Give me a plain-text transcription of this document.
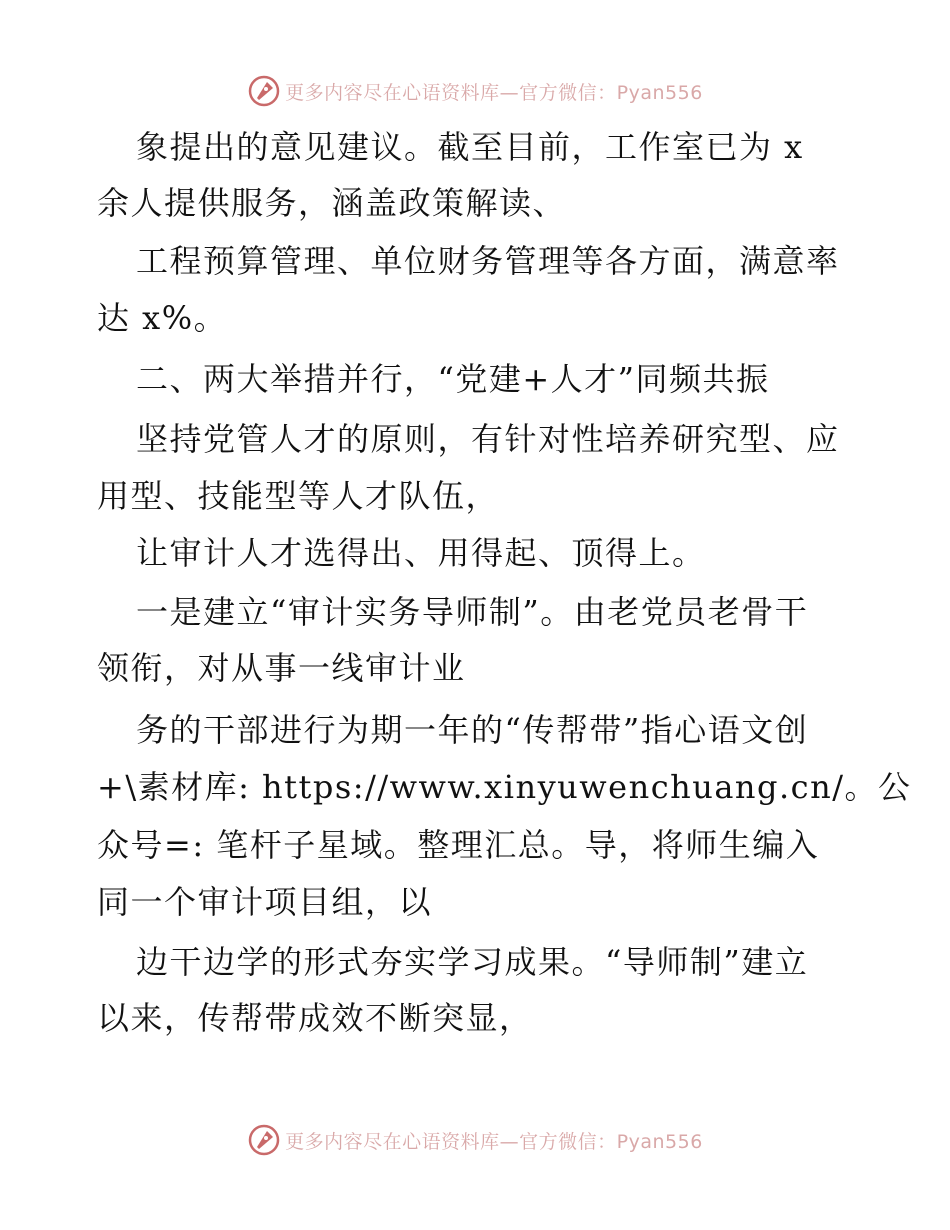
更多内容尽在心语资料库—官方微信：Pyan556
象提出的意见建议。截至目前，工作室已为 x
余人提供服务，涵盖政策解读、
工程预算管理、单位财务管理等各方面，满意率
达 x%。
二、两大举措并行，“党建+人才”同频共振
坚持党管人才的原则，有针对性培养研究型、应
用型、技能型等人才队伍，
让审计人才选得出、用得起、顶得上。
一是建立“审计实务导师制”。由老党员老骨干
领衔，对从事一线审计业
务的干部进行为期一年的“传帮带”指心语文创
+\素材库: https://www.xinyuwenchuang.cn/。公
众号=: 笔杆子星域。整理汇总。导，将师生编入
同一个审计项目组，以
边干边学的形式夯实学习成果。“导师制”建立
以来，传帮带成效不断突显，
更多内容尽在心语资料库—官方微信：Pyan556
